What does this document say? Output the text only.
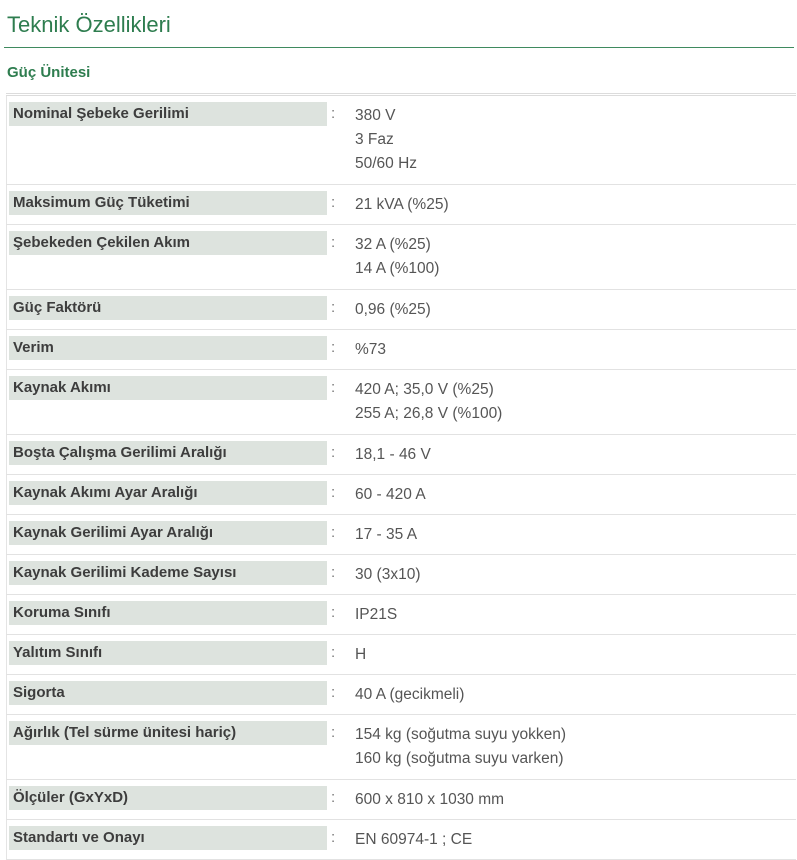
Teknik Özellikleri
Güç Ünitesi
Nominal Şebeke Gerilimi	:	380 V
3 Faz
50/60 Hz

Maksimum Güç Tüketimi	:	21 kVA (%25)

Şebekeden Çekilen Akım	:	32 A (%25)
14 A (%100)

Güç Faktörü	:	0,96 (%25)

Verim	:	%73

Kaynak Akımı	:	420 A; 35,0 V (%25)
255 A; 26,8 V (%100)

Boşta Çalışma Gerilimi Aralığı	:	18,1 - 46 V

Kaynak Akımı Ayar Aralığı	:	60 - 420 A

Kaynak Gerilimi Ayar Aralığı	:	17 - 35 A

Kaynak Gerilimi Kademe Sayısı	:	30 (3x10)

Koruma Sınıfı	:	IP21S

Yalıtım Sınıfı	:	H

Sigorta	:	40 A (gecikmeli)

Ağırlık (Tel sürme ünitesi hariç)	:	154 kg (soğutma suyu yokken)
160 kg (soğutma suyu varken)

Ölçüler (GxYxD)	:	600 x 810 x 1030 mm

Standartı ve Onayı	:	EN 60974-1 ; CE
